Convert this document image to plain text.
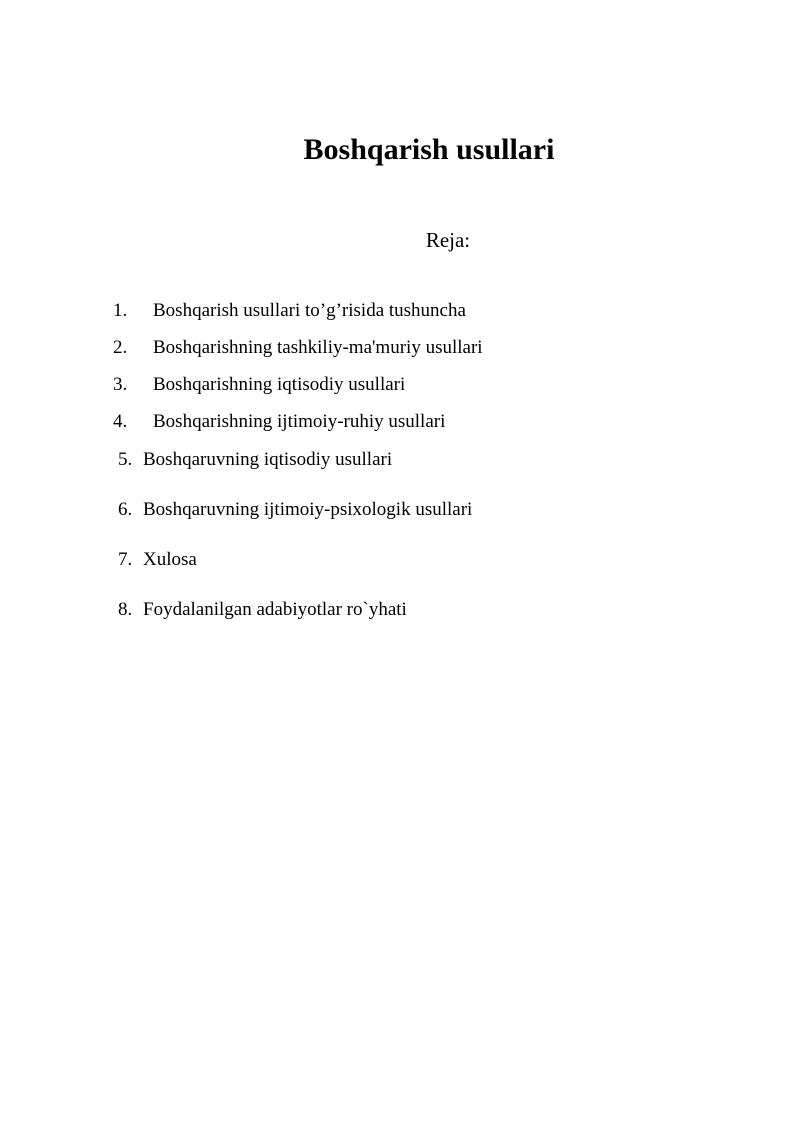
Boshqarish usullari

Reja:

1. Boshqarish usullari to’g’risida tushuncha
2. Boshqarishning tashkiliy-ma'muriy usullari
3. Boshqarishning iqtisodiy usullari
4. Boshqarishning ijtimoiy-ruhiy usullari
5. Boshqaruvning iqtisodiy usullari
6. Boshqaruvning ijtimoiy-psixologik usullari
7. Xulosa
8. Foydalanilgan adabiyotlar ro`yhati
